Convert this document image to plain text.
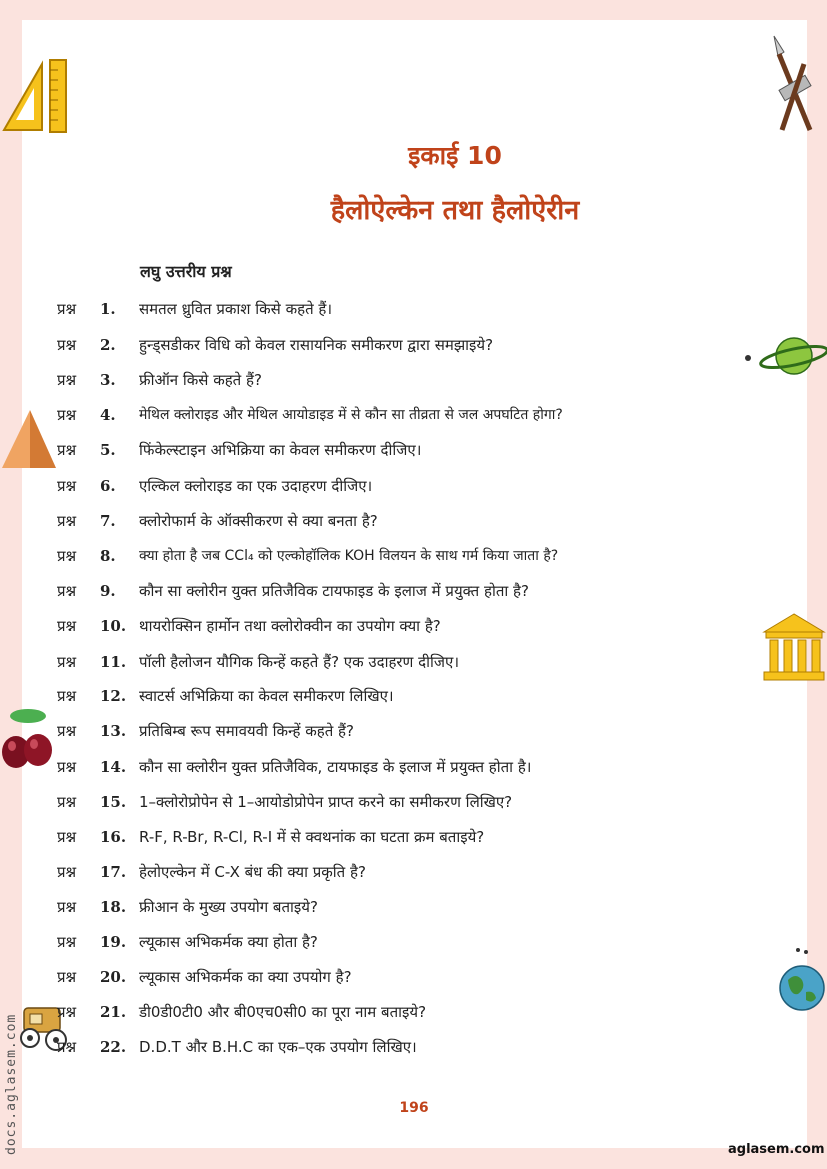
इकाई 10
हैलोऐल्केन तथा हैलोऐरीन
लघु उत्तरीय प्रश्न
प्रश्न 1.	समतल ध्रुवित प्रकाश किसे कहते हैं।
प्रश्न 2.	हुन्ड्सडीकर विधि को केवल रासायनिक समीकरण द्वारा समझाइये?
प्रश्न 3.	फ्रीऑन किसे कहते हैं?
प्रश्न 4.	मेथिल क्लोराइड और मेथिल आयोडाइड में से कौन सा तीव्रता से जल अपघटित होगा?
प्रश्न 5.	फिंकेल्स्टाइन अभिक्रिया का केवल समीकरण दीजिए।
प्रश्न 6.	एल्किल क्लोराइड का एक उदाहरण दीजिए।
प्रश्न 7.	क्लोरोफार्म के ऑक्सीकरण से क्या बनता है?
प्रश्न 8.	क्या होता है जब CCl₄ को एल्कोहॉलिक KOH विलयन के साथ गर्म किया जाता है?
प्रश्न 9.	कौन सा क्लोरीन युक्त प्रतिजैविक टायफाइड के इलाज में प्रयुक्त होता है?
प्रश्न 10. थायरोक्सिन हार्मोन तथा क्लोरोक्वीन का उपयोग क्या है?
प्रश्न 11. पॉली हैलोजन यौगिक किन्हें कहते हैं? एक उदाहरण दीजिए।
प्रश्न 12. स्वाटर्स अभिक्रिया का केवल समीकरण लिखिए।
प्रश्न 13. प्रतिबिम्ब रूप समावयवी किन्हें कहते हैं?
प्रश्न 14. कौन सा क्लोरीन युक्त प्रतिजैविक, टायफाइड के इलाज में प्रयुक्त होता है।
प्रश्न 15. 1–क्लोरोप्रोपेन से 1–आयोडोप्रोपेन प्राप्त करने का समीकरण लिखिए?
प्रश्न 16. R-F, R-Br, R-Cl, R-I में से क्वथनांक का घटता क्रम बताइये?
प्रश्न 17. हेलोएल्केन में C-X बंध की क्या प्रकृति है?
प्रश्न 18. फ्रीआन के मुख्य उपयोग बताइये?
प्रश्न 19. ल्यूकास अभिकर्मक क्या होता है?
प्रश्न 20. ल्यूकास अभिकर्मक का क्या उपयोग है?
प्रश्न 21. डी0डी0टी0 और बी0एच0सी0 का पूरा नाम बताइये?
प्रश्न 22. D.D.T और B.H.C का एक–एक उपयोग लिखिए।
196
aglasem.com
docs.aglasem.com
